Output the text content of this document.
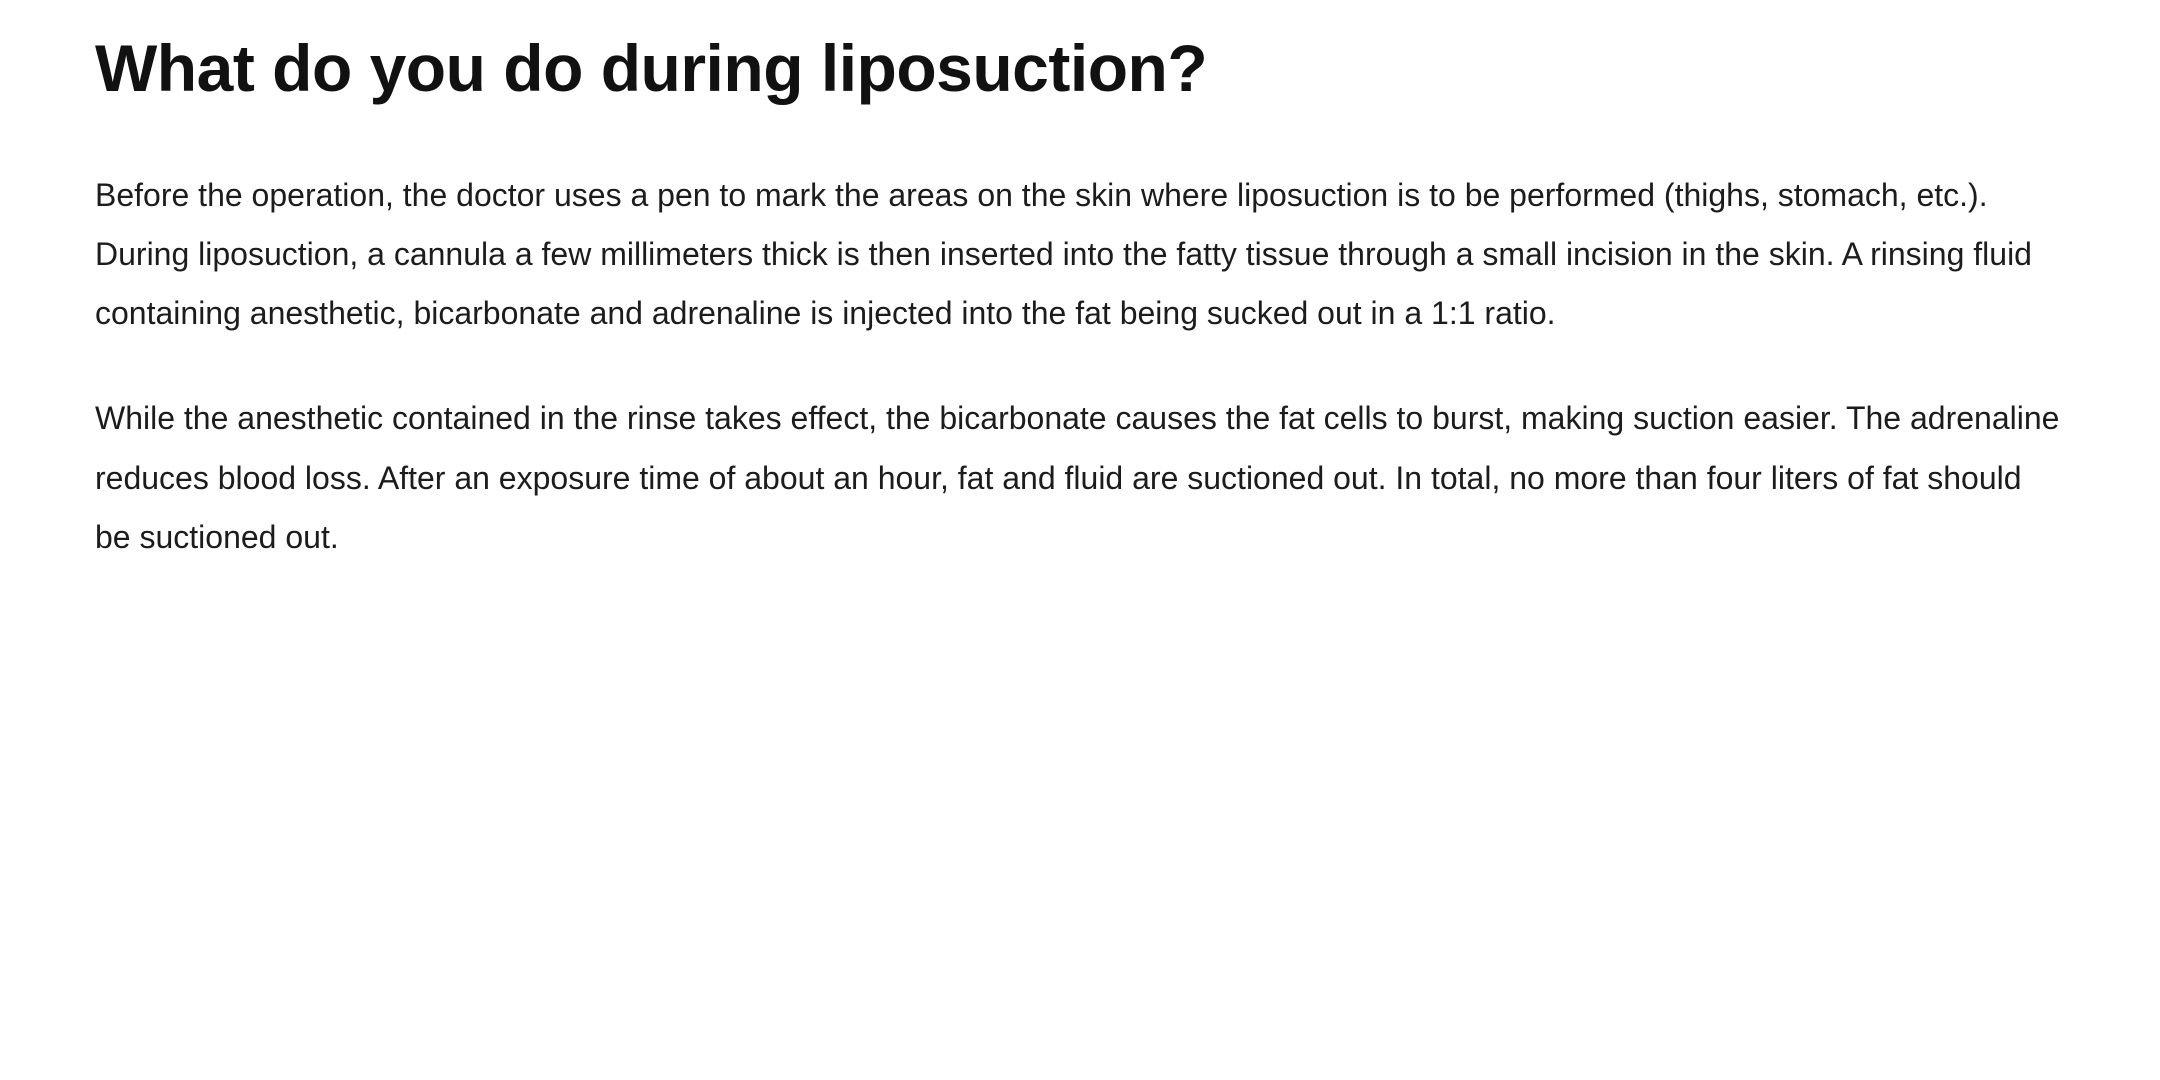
What do you do during liposuction?

Before the operation, the doctor uses a pen to mark the areas on the skin where liposuction is to be performed (thighs, stomach, etc.). During liposuction, a cannula a few millimeters thick is then inserted into the fatty tissue through a small incision in the skin. A rinsing fluid containing anesthetic, bicarbonate and adrenaline is injected into the fat being sucked out in a 1:1 ratio.

While the anesthetic contained in the rinse takes effect, the bicarbonate causes the fat cells to burst, making suction easier. The adrenaline reduces blood loss. After an exposure time of about an hour, fat and fluid are suctioned out. In total, no more than four liters of fat should be suctioned out.
